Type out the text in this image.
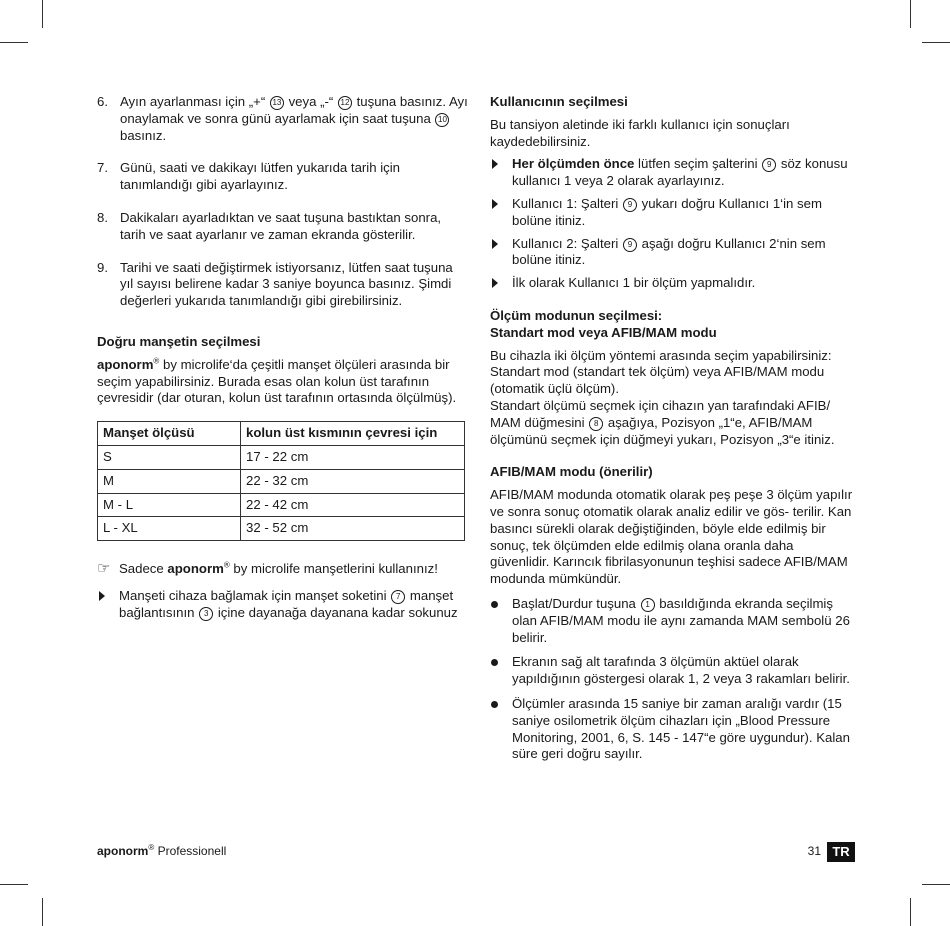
6. Ayın ayarlanması için „+“ 13 veya „-“ 12 tuşuna basınız. Ayı onaylamak ve sonra günü ayarlamak için saat tuşuna 10 basınız.
7. Günü, saati ve dakikayı lütfen yukarıda tarih için tanımlandığı gibi ayarlayınız.
8. Dakikaları ayarladıktan ve saat tuşuna bastıktan sonra, tarih ve saat ayarlanır ve zaman ekranda gösterilir.
9. Tarihi ve saati değiştirmek istiyorsanız, lütfen saat tuşuna yıl sayısı belirene kadar 3 saniye boyunca basınız. Şimdi değerleri yukarıda tanımlandığı gibi girebilirsiniz.
Doğru manşetin seçilmesi

aponorm® by microlife‘da çeşitli manşet ölçüleri arasında bir seçim yapabilirsiniz. Burada esas olan kolun üst tarafının çevresidir (dar oturan, kolun üst tarafının ortasında ölçülmüş).

Manşet ölçüsü	kolun üst kısmının çevresi için
S	17 - 22 cm
M	22 - 32 cm
M - L	22 - 42 cm
L - XL	32 - 52 cm
☞ Sadece aponorm® by microlife manşetlerini kullanınız!
Manşeti cihaza bağlamak için manşet soketini 7 manşet bağlantısının 3 içine dayanağa dayanana kadar sokunuz
Kullanıcının seçilmesi

Bu tansiyon aletinde iki farklı kullanıcı için sonuçları kaydedebilirsiniz.

Her ölçümden önce lütfen seçim şalterini 9 söz konusu kullanıcı 1 veya 2 olarak ayarlayınız.
Kullanıcı 1: Şalteri 9 yukarı doğru Kullanıcı 1‘in sem bolüne itiniz.
Kullanıcı 2: Şalteri 9 aşağı doğru Kullanıcı 2‘nin sem bolüne itiniz.
İlk olarak Kullanıcı 1 bir ölçüm yapmalıdır.
Ölçüm modunun seçilmesi:
Standart mod veya AFIB/MAM modu

Bu cihazla iki ölçüm yöntemi arasında seçim yapabilirsiniz: Standart mod (standart tek ölçüm) veya AFIB/MAM modu (otomatik üçlü ölçüm).

Standart ölçümü seçmek için cihazın yan tarafındaki AFIB/ MAM düğmesini 8 aşağıya, Pozisyon „1“e, AFIB/MAM ölçümünü seçmek için düğmeyi yukarı, Pozisyon „3“e itiniz.

AFIB/MAM modu (önerilir)

AFIB/MAM modunda otomatik olarak peş peşe 3 ölçüm yapılır ve sonra sonuç otomatik olarak analiz edilir ve gös- terilir. Kan basıncı sürekli olarak değiştiğinden, böyle elde edilmiş bir sonuç, tek ölçümden elde edilmiş olana oranla daha güvenlidir. Karıncık fibrilasyonunun teşhisi sadece AFIB/MAM modunda mümkündür.

Başlat/Durdur tuşuna 1 basıldığında ekranda seçilmiş olan AFIB/MAM modu ile aynı zamanda MAM sembolü 26 belirir.
Ekranın sağ alt tarafında 3 ölçümün aktüel olarak yapıldığının göstergesi olarak 1, 2 veya 3 rakamları belirir.
Ölçümler arasında 15 saniye bir zaman aralığı vardır (15 saniye osilometrik ölçüm cihazları için „Blood Pressure Monitoring, 2001, 6, S. 145 - 147“e göre uygundur). Kalan süre geri doğru sayılır.
aponorm® Professionell	31 TR
